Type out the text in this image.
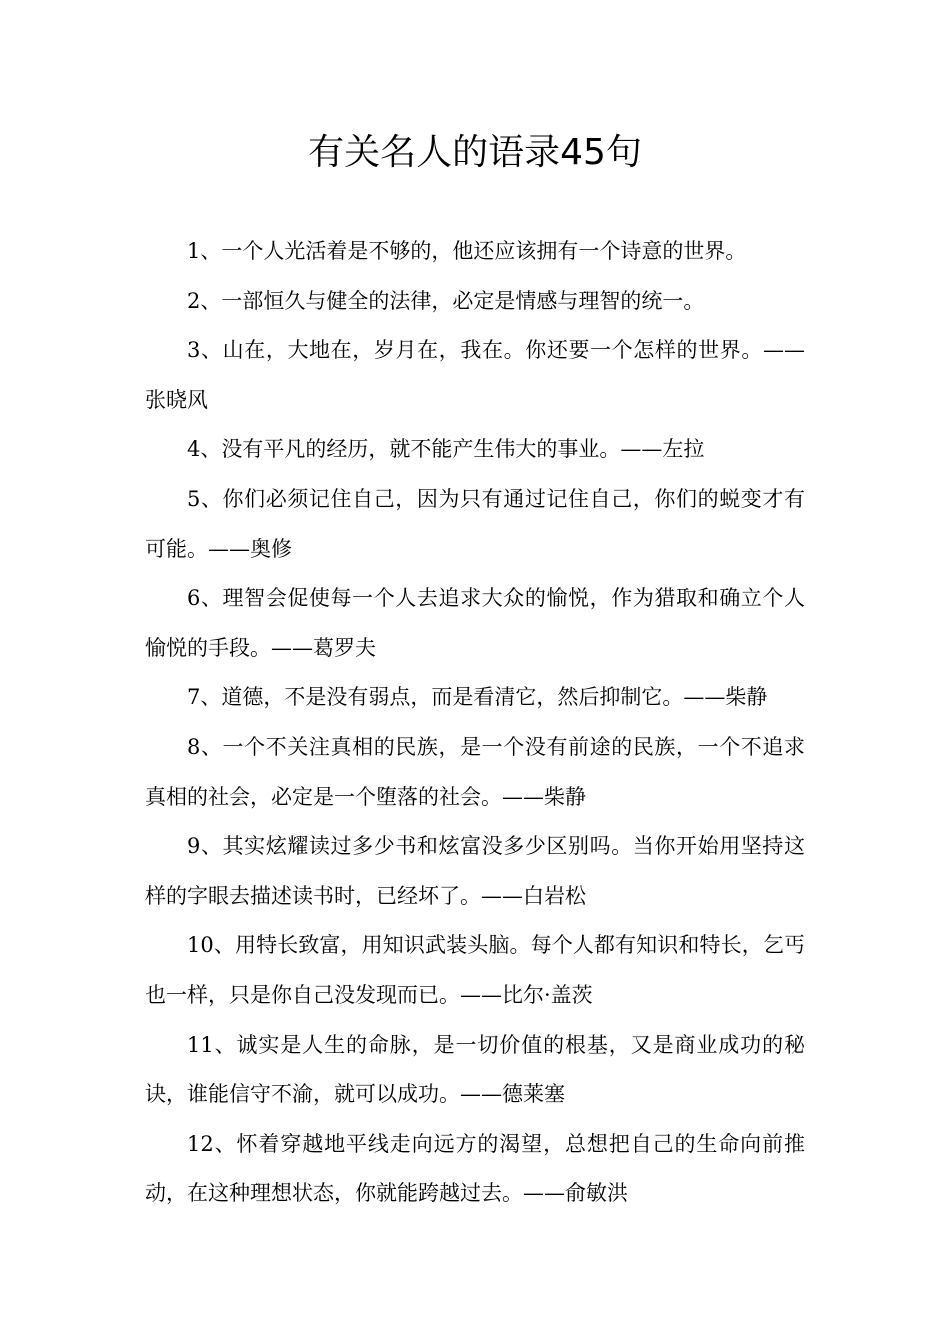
有关名人的语录45句

1、一个人光活着是不够的，他还应该拥有一个诗意的世界。

2、一部恒久与健全的法律，必定是情感与理智的统一。

3、山在，大地在，岁月在，我在。你还要一个怎样的世界。——张晓风

4、没有平凡的经历，就不能产生伟大的事业。——左拉

5、你们必须记住自己，因为只有通过记住自己，你们的蜕变才有可能。——奥修

6、理智会促使每一个人去追求大众的愉悦，作为猎取和确立个人愉悦的手段。——葛罗夫

7、道德，不是没有弱点，而是看清它，然后抑制它。——柴静

8、一个不关注真相的民族，是一个没有前途的民族，一个不追求真相的社会，必定是一个堕落的社会。——柴静

9、其实炫耀读过多少书和炫富没多少区别吗。当你开始用坚持这样的字眼去描述读书时，已经坏了。——白岩松

10、用特长致富，用知识武装头脑。每个人都有知识和特长，乞丐也一样，只是你自己没发现而已。——比尔·盖茨

11、诚实是人生的命脉，是一切价值的根基，又是商业成功的秘诀，谁能信守不渝，就可以成功。——德莱塞

12、怀着穿越地平线走向远方的渴望，总想把自己的生命向前推动，在这种理想状态，你就能跨越过去。——俞敏洪
